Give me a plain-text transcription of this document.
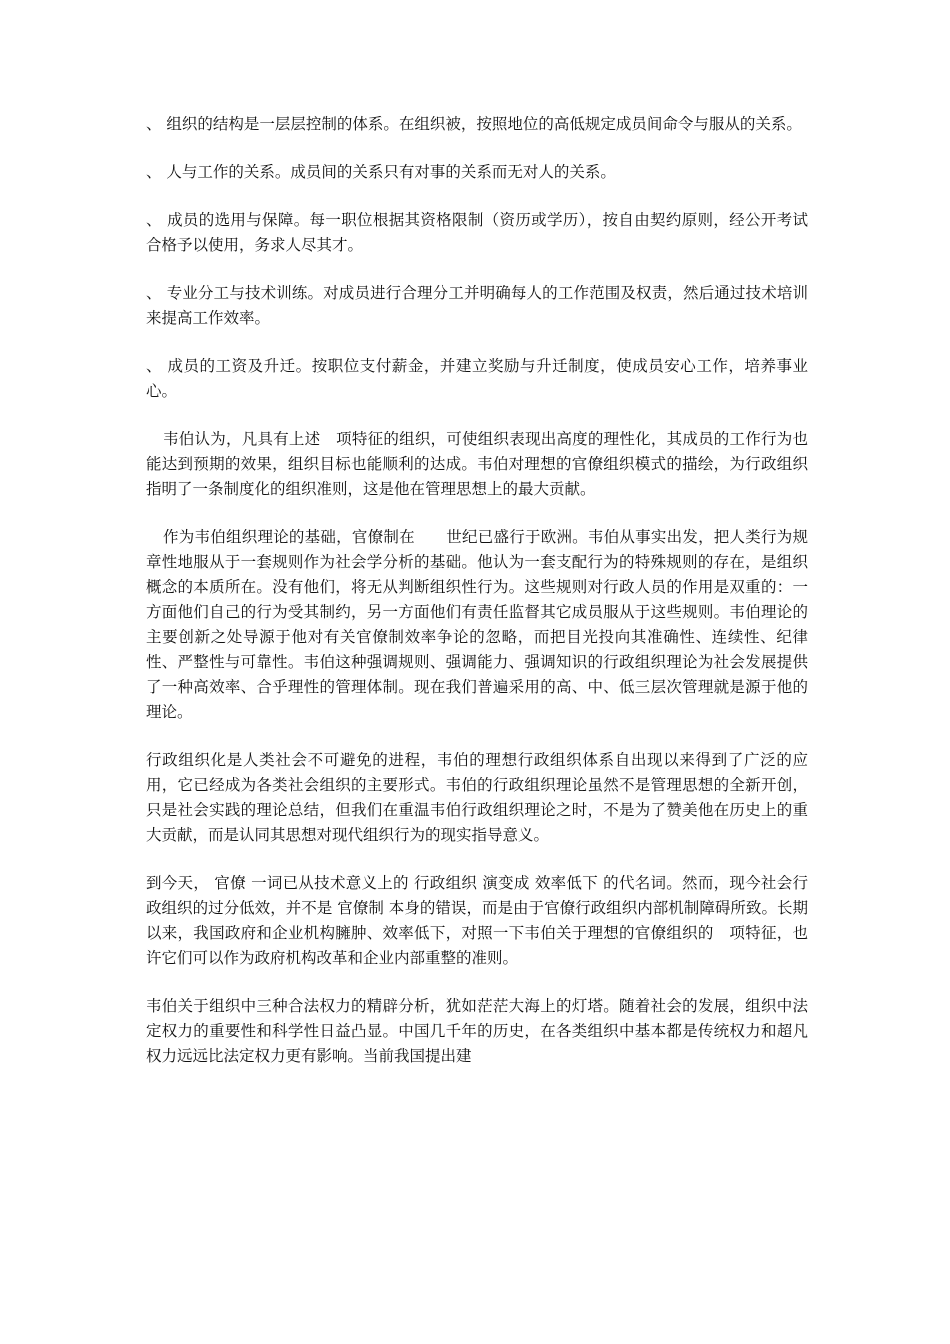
、 组织的结构是一层层控制的体系。在组织被，按照地位的高低规定成员间命令与服从的关系。

、 人与工作的关系。成员间的关系只有对事的关系而无对人的关系。

、 成员的选用与保障。每一职位根据其资格限制（资历或学历），按自由契约原则，经公开考试合格予以使用，务求人尽其才。

、 专业分工与技术训练。对成员进行合理分工并明确每人的工作范围及权责，然后通过技术培训来提高工作效率。

、 成员的工资及升迁。按职位支付薪金，并建立奖励与升迁制度，使成员安心工作，培养事业心。

韦伯认为，凡具有上述　项特征的组织，可使组织表现出高度的理性化，其成员的工作行为也能达到预期的效果，组织目标也能顺利的达成。韦伯对理想的官僚组织模式的描绘，为行政组织指明了一条制度化的组织准则，这是他在管理思想上的最大贡献。

作为韦伯组织理论的基础，官僚制在　　世纪已盛行于欧洲。韦伯从事实出发，把人类行为规章性地服从于一套规则作为社会学分析的基础。他认为一套支配行为的特殊规则的存在，是组织概念的本质所在。没有他们，将无从判断组织性行为。这些规则对行政人员的作用是双重的：一方面他们自己的行为受其制约，另一方面他们有责任监督其它成员服从于这些规则。韦伯理论的主要创新之处导源于他对有关官僚制效率争论的忽略，而把目光投向其准确性、连续性、纪律性、严整性与可靠性。韦伯这种强调规则、强调能力、强调知识的行政组织理论为社会发展提供了一种高效率、合乎理性的管理体制。现在我们普遍采用的高、中、低三层次管理就是源于他的理论。

行政组织化是人类社会不可避免的进程，韦伯的理想行政组织体系自出现以来得到了广泛的应用，它已经成为各类社会组织的主要形式。韦伯的行政组织理论虽然不是管理思想的全新开创，只是社会实践的理论总结，但我们在重温韦伯行政组织理论之时，不是为了赞美他在历史上的重大贡献，而是认同其思想对现代组织行为的现实指导意义。

到今天， 官僚 一词已从技术意义上的 行政组织 演变成 效率低下 的代名词。然而，现今社会行政组织的过分低效，并不是 官僚制 本身的错误，而是由于官僚行政组织内部机制障碍所致。长期以来，我国政府和企业机构臃肿、效率低下，对照一下韦伯关于理想的官僚组织的　项特征，也许它们可以作为政府机构改革和企业内部重整的准则。

韦伯关于组织中三种合法权力的精辟分析，犹如茫茫大海上的灯塔。随着社会的发展，组织中法定权力的重要性和科学性日益凸显。中国几千年的历史，在各类组织中基本都是传统权力和超凡权力远远比法定权力更有影响。当前我国提出建
